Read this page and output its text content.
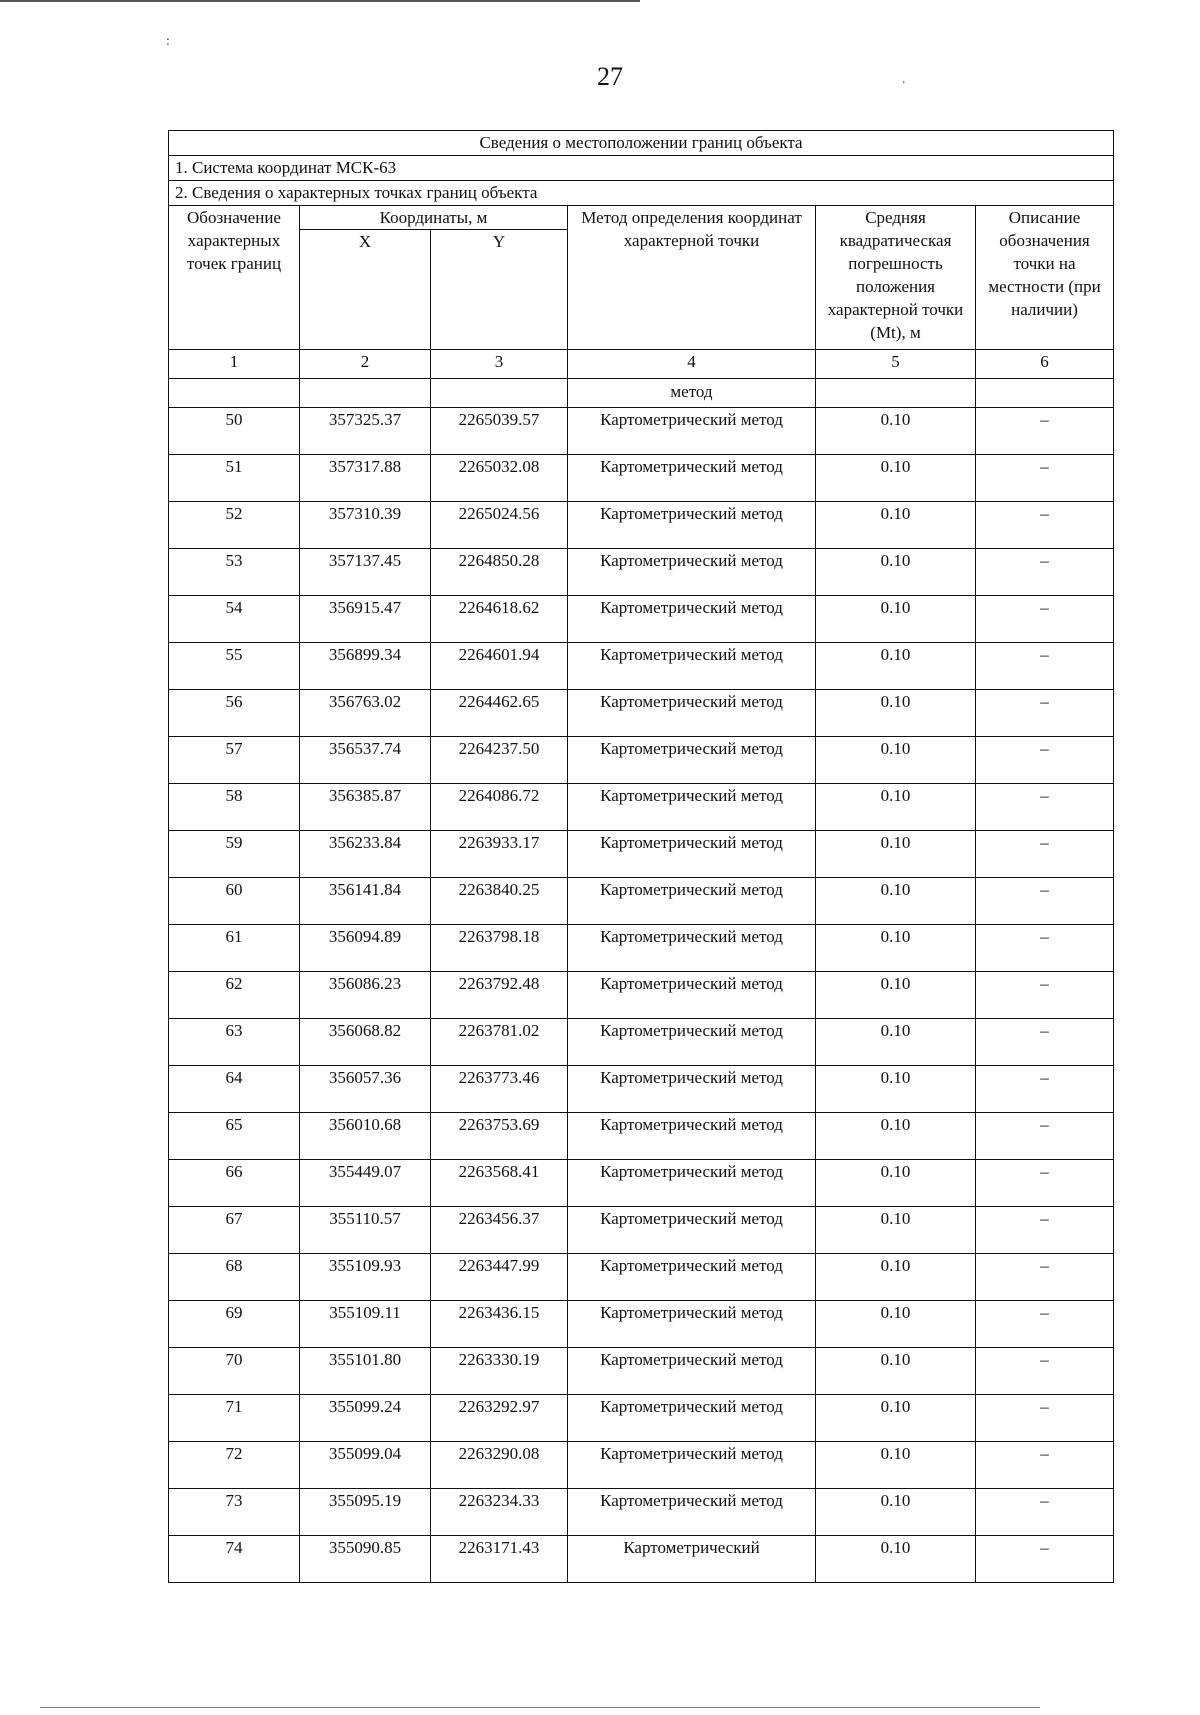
:
.
27
Сведения о местоположении границ объекта					
1. Система координат МСК-63					
2. Сведения о характерных точках границ объекта					
Обозначение характерных точек границ	Координаты, м		Метод определения координат характерной точки	Средняя квадратическая погрешность положения характерной точки (Mt), м	Описание обозначения точки на местности (при наличии)
	X	Y			
1	2	3	4	5	6
			метод		
50	357325.37	2265039.57	Картометрический метод	0.10	–
51	357317.88	2265032.08	Картометрический метод	0.10	–
52	357310.39	2265024.56	Картометрический метод	0.10	–
53	357137.45	2264850.28	Картометрический метод	0.10	–
54	356915.47	2264618.62	Картометрический метод	0.10	–
55	356899.34	2264601.94	Картометрический метод	0.10	–
56	356763.02	2264462.65	Картометрический метод	0.10	–
57	356537.74	2264237.50	Картометрический метод	0.10	–
58	356385.87	2264086.72	Картометрический метод	0.10	–
59	356233.84	2263933.17	Картометрический метод	0.10	–
60	356141.84	2263840.25	Картометрический метод	0.10	–
61	356094.89	2263798.18	Картометрический метод	0.10	–
62	356086.23	2263792.48	Картометрический метод	0.10	–
63	356068.82	2263781.02	Картометрический метод	0.10	–
64	356057.36	2263773.46	Картометрический метод	0.10	–
65	356010.68	2263753.69	Картометрический метод	0.10	–
66	355449.07	2263568.41	Картометрический метод	0.10	–
67	355110.57	2263456.37	Картометрический метод	0.10	–
68	355109.93	2263447.99	Картометрический метод	0.10	–
69	355109.11	2263436.15	Картометрический метод	0.10	–
70	355101.80	2263330.19	Картометрический метод	0.10	–
71	355099.24	2263292.97	Картометрический метод	0.10	–
72	355099.04	2263290.08	Картометрический метод	0.10	–
73	355095.19	2263234.33	Картометрический метод	0.10	–
74	355090.85	2263171.43	Картометрический	0.10	–
